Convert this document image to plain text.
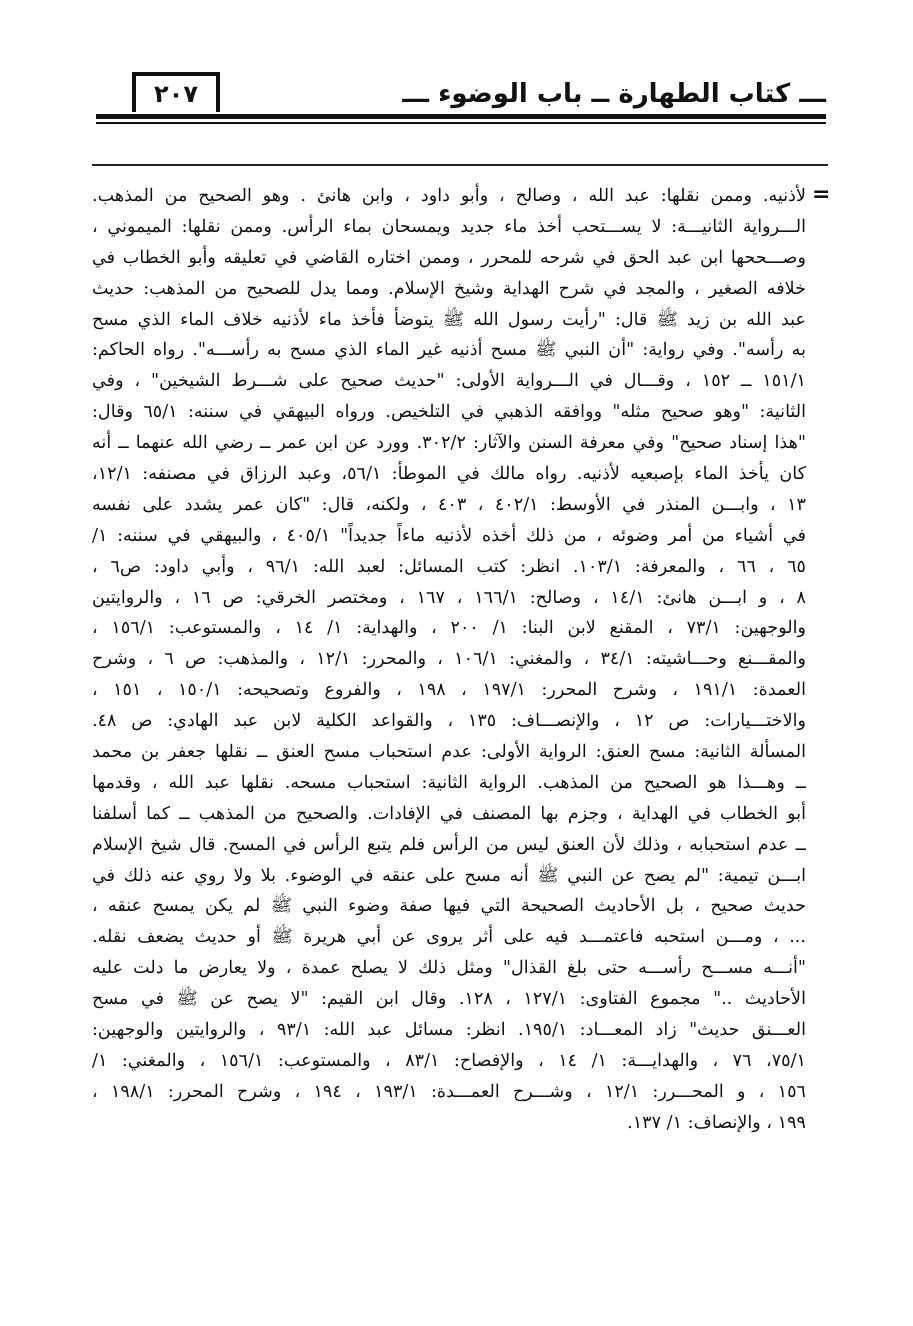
٢٠٧	ـــ كتاب الطهارة ــ باب الوضوء ـــ
=
لأذنيه. وممن نقلها: عبد الله ، وصالح ، وأبو داود ، وابن هانئ . وهو الصحيح من المذهب.
الـــرواية الثانيـــة: لا يســـتحب أخذ ماء جديد ويمسحان بماء الرأس. وممن نقلها: الميموني ،
وصـــححها ابن عبد الحق في شرحه للمحرر ، وممن اختاره القاضي في تعليقه وأبو الخطاب في
خلافه الصغير ، والمجد في شرح الهداية وشيخ الإسلام. ومما يدل للصحيح من المذهب: حديث
عبد الله بن زيد ﷺ قال: "رأيت رسول الله ﷺ يتوضأ فأخذ ماء لأذنيه خلاف الماء الذي مسح
به رأسه". وفي رواية: "أن النبي ﷺ مسح أذنيه غير الماء الذي مسح به رأســـه". رواه الحاكم:
١٥١/١ ــ ١٥٢ ، وقـــال في الـــرواية الأولى: "حديث صحيح على شـــرط الشيخين" ، وفي
الثانية: "وهو صحيح مثله" ووافقه الذهبي في التلخيص. ورواه البيهقي في سننه: ٦٥/١ وقال:
"هذا إسناد صحيح" وفي معرفة السنن والآثار: ٣٠٢/٢. وورد عن ابن عمر ــ رضي الله عنهما ــ أنه
كان يأخذ الماء بإصبعيه لأذنيه. رواه مالك في الموطأ: ٥٦/١، وعبد الرزاق في مصنفه: ١٢/١،
١٣ ، وابـــن المنذر في الأوسط: ٤٠٢/١ ، ٤٠٣ ، ولكنه، قال: "كان عمر يشدد على نفسه
في أشياء من أمر وضوئه ، من ذلك أخذه لأذنيه ماءاً جديداً" ٤٠٥/١ ، والبيهقي في سننه: ١/
٦٥ ، ٦٦ ، والمعرفة: ١٠٣/١. انظر: كتب المسائل: لعبد الله: ٩٦/١ ، وأبي داود: ص٦ ،
٨ ، و ابـــن هانئ: ١٤/١ ، وصالح: ١٦٦/١ ، ١٦٧ ، ومختصر الخرقي: ص ١٦ ، والروايتين
والوجهين: ٧٣/١ ، المقنع لابن البنا: ١/ ٢٠٠ ، والهداية: ١/ ١٤ ، والمستوعب: ١٥٦/١ ،
والمقـــنع وحـــاشيته: ٣٤/١ ، والمغني: ١٠٦/١ ، والمحرر: ١٢/١ ، والمذهب: ص ٦ ، وشرح
العمدة: ١٩١/١ ، وشرح المحرر: ١٩٧/١ ، ١٩٨ ، والفروع وتصحيحه: ١٥٠/١ ، ١٥١ ،
والاختـــيارات: ص ١٢ ، والإنصـــاف: ١٣٥ ، والقواعد الكلية لابن عبد الهادي: ص ٤٨.
المسألة الثانية: مسح العنق: الرواية الأولى: عدم استحباب مسح العنق ــ نقلها جعفر بن محمد
ــ وهـــذا هو الصحيح من المذهب. الرواية الثانية: استحباب مسحه. نقلها عبد الله ، وقدمها
أبو الخطاب في الهداية ، وجزم بها المصنف في الإفادات. والصحيح من المذهب ــ كما أسلفنا
ــ عدم استحبابه ، وذلك لأن العنق ليس من الرأس فلم يتبع الرأس في المسح. قال شيخ الإسلام
ابـــن تيمية: "لم يصح عن النبي ﷺ أنه مسح على عنقه في الوضوء. بلا ولا روي عنه ذلك في
حديث صحيح ، بل الأحاديث الصحيحة التي فيها صفة وضوء النبي ﷺ لم يكن يمسح عنقه ،
... ، ومـــن استحبه فاعتمـــد فيه على أثر يروى عن أبي هريرة ﷺ أو حديث يضعف نقله.
"أنـــه مســـح رأســـه حتى بلغ القذال" ومثل ذلك لا يصلح عمدة ، ولا يعارض ما دلت عليه
الأحاديث .." مجموع الفتاوى: ١٢٧/١ ، ١٢٨. وقال ابن القيم: "لا يصح عن ﷺ في مسح
العـــنق حديث" زاد المعـــاد: ١٩٥/١. انظر: مسائل عبد الله: ٩٣/١ ، والروايتين والوجهين:
٧٥/١، ٧٦ ، والهدايـــة: ١/ ١٤ ، والإفصاح: ٨٣/١ ، والمستوعب: ١٥٦/١ ، والمغني: ١/
١٥٦ ، و المحـــرر: ١٢/١ ، وشـــرح العمـــدة: ١٩٣/١ ، ١٩٤ ، وشرح المحرر: ١٩٨/١ ،
١٩٩ ، والإنصاف: ١/ ١٣٧.
